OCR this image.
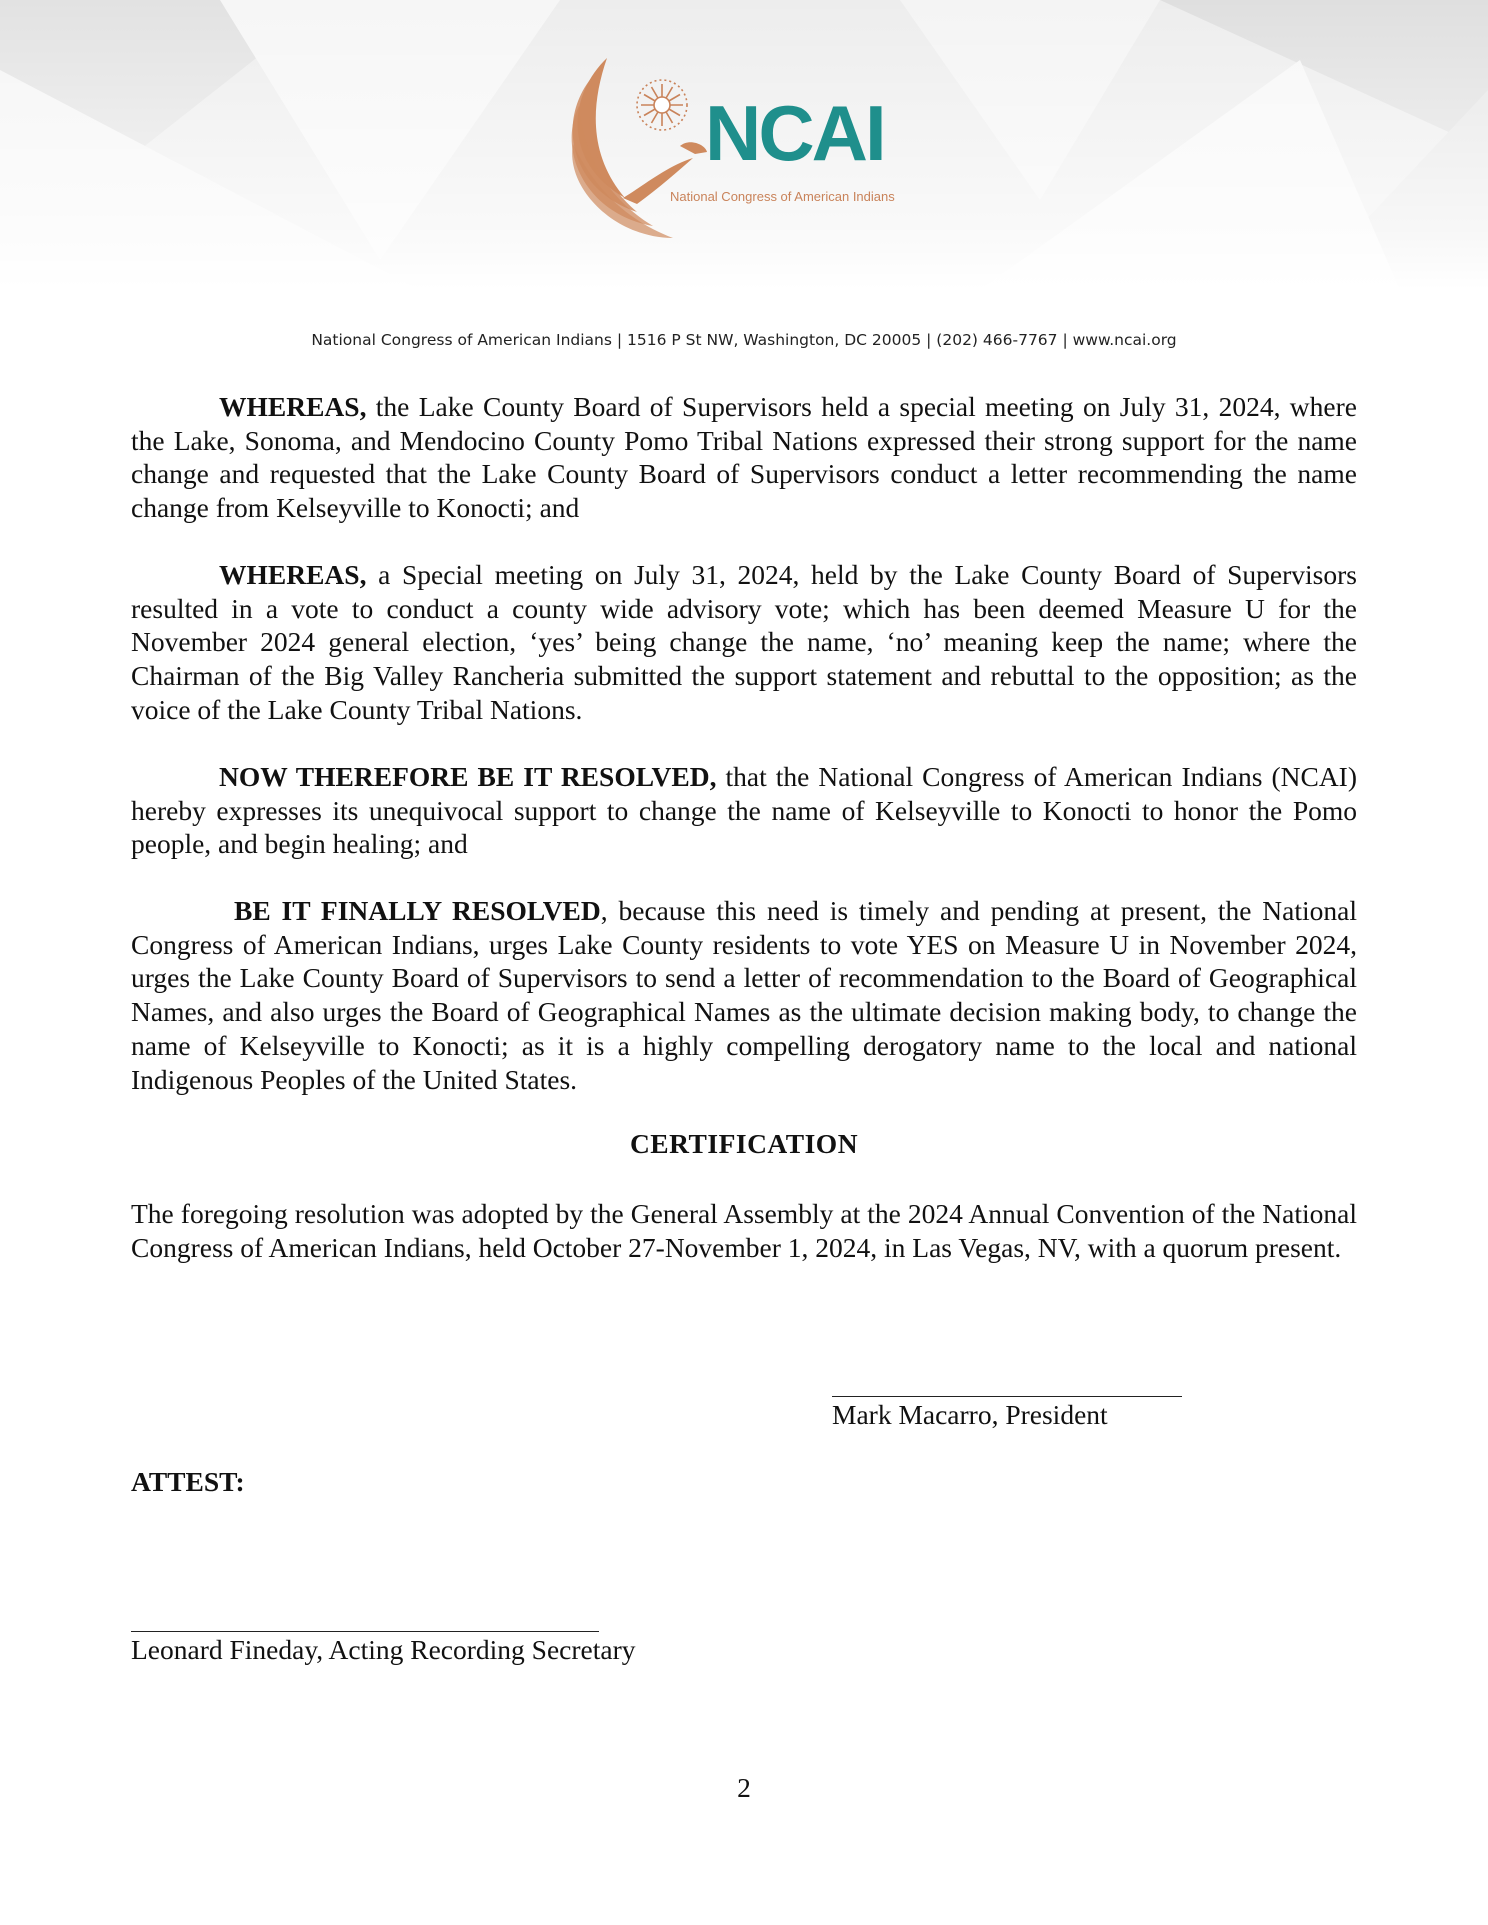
NCAI
National Congress of American Indians
National Congress of American Indians | 1516 P St NW, Washington, DC 20005 | (202) 466-7767 | www.ncai.org

WHEREAS, the Lake County Board of Supervisors held a special meeting on July 31, 2024, where the Lake, Sonoma, and Mendocino County Pomo Tribal Nations expressed their strong support for the name change and requested that the Lake County Board of Supervisors conduct a letter recommending the name change from Kelseyville to Konocti; and

WHEREAS, a Special meeting on July 31, 2024, held by the Lake County Board of Supervisors resulted in a vote to conduct a county wide advisory vote; which has been deemed Measure U for the November 2024 general election, ‘yes’ being change the name, ‘no’ meaning keep the name; where the Chairman of the Big Valley Rancheria submitted the support statement and rebuttal to the opposition; as the voice of the Lake County Tribal Nations.

NOW THEREFORE BE IT RESOLVED, that the National Congress of American Indians (NCAI) hereby expresses its unequivocal support to change the name of Kelseyville to Konocti to honor the Pomo people, and begin healing; and

BE IT FINALLY RESOLVED, because this need is timely and pending at present, the National Congress of American Indians, urges Lake County residents to vote YES on Measure U in November 2024, urges the Lake County Board of Supervisors to send a letter of recommendation to the Board of Geographical Names, and also urges the Board of Geographical Names as the ultimate decision making body, to change the name of Kelseyville to Konocti; as it is a highly compelling derogatory name to the local and national Indigenous Peoples of the United States.

CERTIFICATION

The foregoing resolution was adopted by the General Assembly at the 2024 Annual Convention of the National Congress of American Indians, held October 27-November 1, 2024, in Las Vegas, NV, with a quorum present.

Mark Macarro, President
ATTEST:
Leonard Fineday, Acting Recording Secretary
2
